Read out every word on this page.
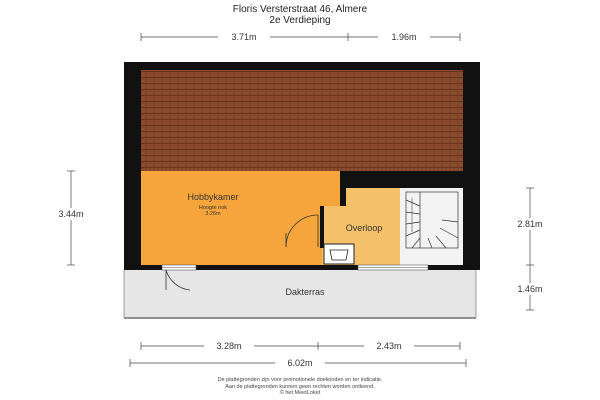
Floris Versterstraat 46, Almere
2e Verdieping
3.71m	1.96m
3.44m
2.81m
1.46m
3.28m	2.43m
6.02m
Hobbykamer
Hoogte nok
3.26m
Overloop
Dakterras
De plattegronden zijn voor promotionele doeleinden en ter indicatie.
Aan de plattegronden kunnen geen rechten worden ontleend.
© het MeetLoket
